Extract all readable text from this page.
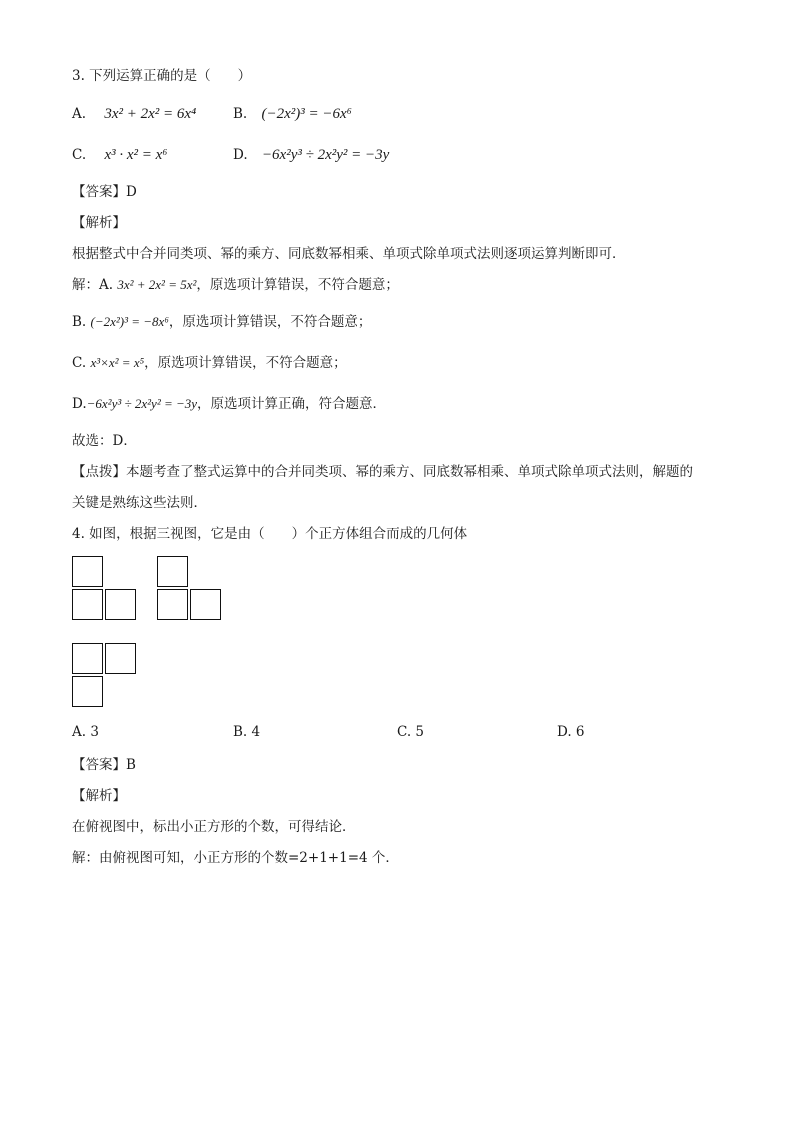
3. 下列运算正确的是（　　）
A. 3x² + 2x² = 6x⁴	B. (−2x²)³ = −6x⁶
C. x³ · x² = x⁶	D. −6x²y³ ÷ 2x²y² = −3y
【答案】D
【解析】
根据整式中合并同类项、幂的乘方、同底数幂相乘、单项式除单项式法则逐项运算判断即可．
解：A. 3x² + 2x² = 5x²，原选项计算错误，不符合题意；
B. (−2x²)³ = −8x⁶，原选项计算错误，不符合题意；
C. x³×x² = x⁵，原选项计算错误，不符合题意；
D.−6x²y³ ÷ 2x²y² = −3y，原选项计算正确，符合题意．
故选：D．
【点拨】本题考查了整式运算中的合并同类项、幂的乘方、同底数幂相乘、单项式除单项式法则，解题的
关键是熟练这些法则．
4. 如图，根据三视图，它是由（　　）个正方体组合而成的几何体
A. 3	B. 4	C. 5	D. 6
【答案】B
【解析】
在俯视图中，标出小正方形的个数，可得结论．
解：由俯视图可知，小正方形的个数=2+1+1=4 个．
